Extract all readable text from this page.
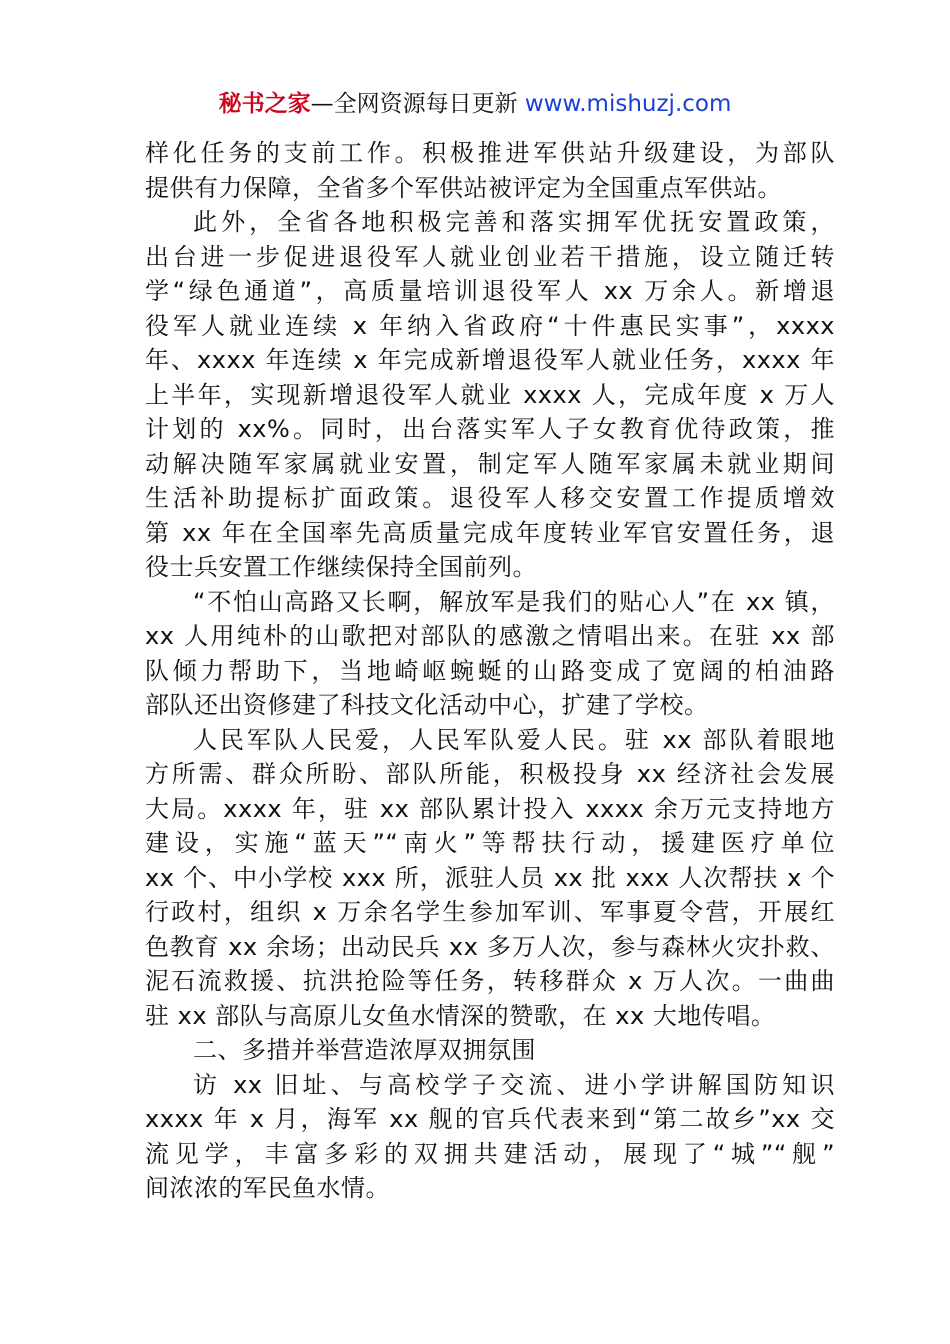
秘书之家—全网资源每日更新 www.mishuzj.com
样化任务的支前工作。积极推进军供站升级建设，为部队
提供有力保障，全省多个军供站被评定为全国重点军供站。
此外，全省各地积极完善和落实拥军优抚安置政策，
出台进一步促进退役军人就业创业若干措施，设立随迁转
学“绿色通道”，高质量培训退役军人 xx 万余人。新增退
役军人就业连续 x 年纳入省政府“十件惠民实事”，xxxx
年、xxxx 年连续 x 年完成新增退役军人就业任务，xxxx 年
上半年，实现新增退役军人就业 xxxx 人，完成年度 x 万人
计划的 xx%。同时，出台落实军人子女教育优待政策，推
动解决随军家属就业安置，制定军人随军家属未就业期间
生活补助提标扩面政策。退役军人移交安置工作提质增效
第 xx 年在全国率先高质量完成年度转业军官安置任务，退
役士兵安置工作继续保持全国前列。
“不怕山高路又长啊，解放军是我们的贴心人”在 xx 镇，
xx 人用纯朴的山歌把对部队的感激之情唱出来。在驻 xx 部
队倾力帮助下，当地崎岖蜿蜒的山路变成了宽阔的柏油路
部队还出资修建了科技文化活动中心，扩建了学校。
人民军队人民爱，人民军队爱人民。驻 xx 部队着眼地
方所需、群众所盼、部队所能，积极投身 xx 经济社会发展
大局。xxxx 年，驻 xx 部队累计投入 xxxx 余万元支持地方
建设，实施“蓝天”“南火”等帮扶行动，援建医疗单位
xx 个、中小学校 xxx 所，派驻人员 xx 批 xxx 人次帮扶 x 个
行政村，组织 x 万余名学生参加军训、军事夏令营，开展红
色教育 xx 余场；出动民兵 xx 多万人次，参与森林火灾扑救、
泥石流救援、抗洪抢险等任务，转移群众 x 万人次。一曲曲
驻 xx 部队与高原儿女鱼水情深的赞歌，在 xx 大地传唱。
二、多措并举营造浓厚双拥氛围
访 xx 旧址、与高校学子交流、进小学讲解国防知识
xxxx 年 x 月，海军 xx 舰的官兵代表来到“第二故乡”xx 交
流见学，丰富多彩的双拥共建活动，展现了“城”“舰”
间浓浓的军民鱼水情。
